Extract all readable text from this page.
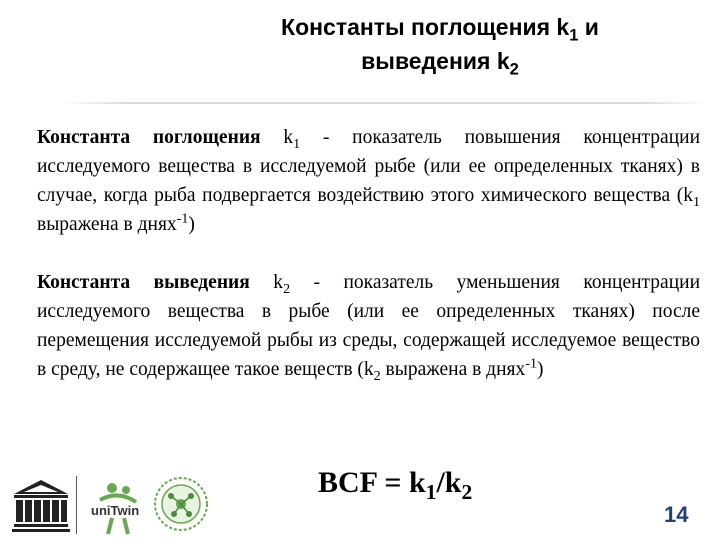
Константы поглощения $k_1$ и
выведения $k_2$
Константа поглощения $k_1$ - показатель повышения концентрации исследуемого вещества в исследуемой рыбе (или ее определенных тканях) в случае, когда рыба подвергается воздействию этого химического вещества ($k_1$ выражена в днях$^{-1}$)
Константа выведения $k_2$ - показатель уменьшения концентрации исследуемого вещества в рыбе (или ее определенных тканях) после перемещения исследуемой рыбы из среды, содержащей исследуемое вещество в среду, не содержащее такое веществ ($k_2$ выражена в днях$^{-1}$)
BCF = $k_1/k_2$
uniTwin	14
